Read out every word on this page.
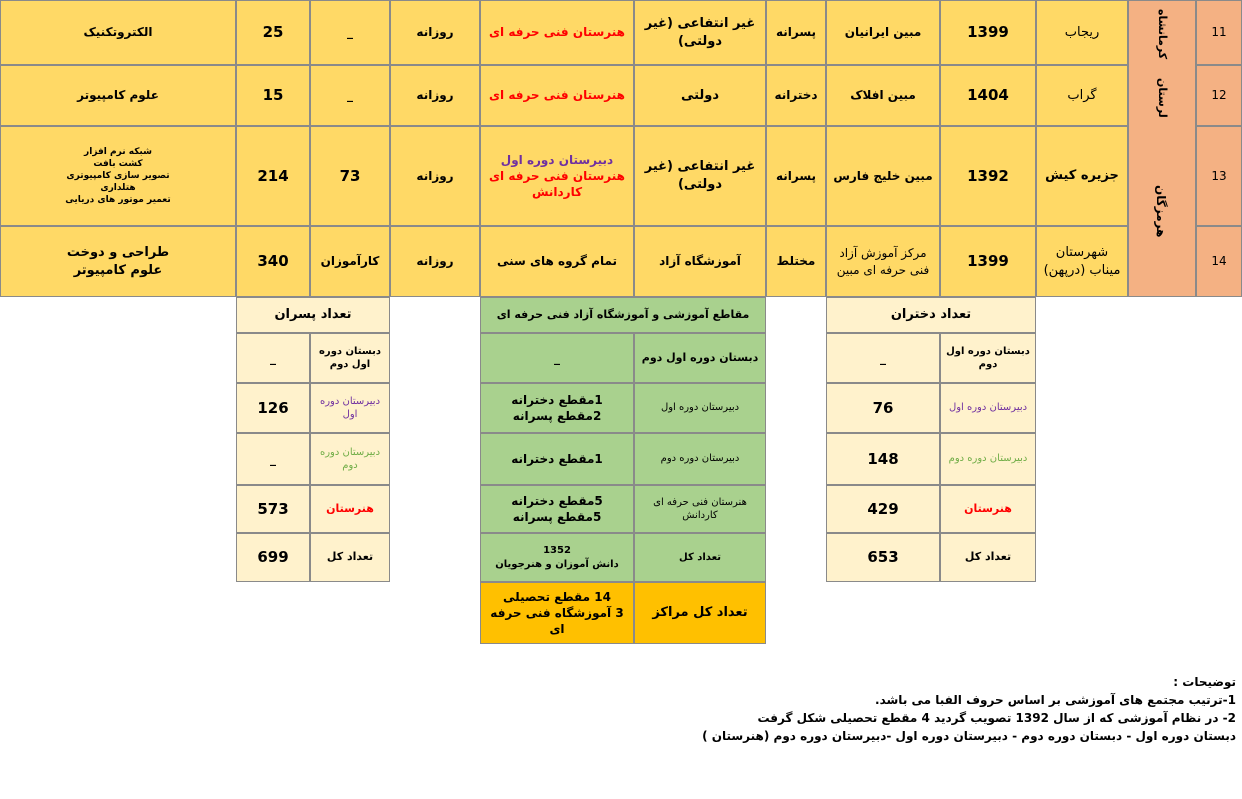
11
ریجاب
1399
مبین ایرانیان
پسرانه
غیر انتفاعی (غیر دولتی)
هنرستان فنی حرفه ای
روزانه
_
25
الکتروتکنیک
12
گراب
1404
مبین افلاک
دخترانه
دولتی
هنرستان فنی حرفه ای
روزانه
_
15
علوم کامپیوتر
13
جزیره کیش
1392
مبین خلیج فارس
پسرانه
غیر انتفاعی (غیر دولتی)
دبیرستان دوره اول
هنرستان فنی حرفه ای
کاردانش
روزانه
73
214
شبکه نرم افزار
کشت بافت
تصویر سازی کامپیوتری
هتلداری
تعمیر موتور های دریایی
14
شهرستان میناب (درپهن)
1399
مرکز آموزش آزاد فنی حرفه ای مبین
مختلط
آموزشگاه آزاد
تمام گروه های سنی
روزانه
کارآموزان
340
طراحی و دوخت
علوم کامپیوتر
کرمانشاه
لرستان
هرمزگان
تعداد پسران
دبستان دوره اول دوم
_
دبیرستان دوره اول
126
دبیرستان دوره دوم
_
هنرستان
573
تعداد کل
699
مقاطع آموزشی و آموزشگاه آزاد فنی حرفه ای
دبستان دوره اول دوم
_
دبیرستان دوره اول
1مقطع دخترانه
2مقطع پسرانه
دبیرستان دوره دوم
1مقطع دخترانه
هنرستان فنی حرفه ای کاردانش
5مقطع دخترانه
5مقطع پسرانه
تعداد کل
1352
دانش آموزان و هنرجویان
تعداد کل مراکز
14 مقطع تحصیلی
3 آموزشگاه فنی حرفه ای
تعداد دختران
دبستان دوره اول دوم
_
دبیرستان دوره اول
76
دبیرستان دوره دوم
148
هنرستان
429
تعداد کل
653
توضیحات :
1-ترتیب مجتمع های آموزشی بر اساس حروف الفبا می باشد.
2- در نظام آموزشی که از سال 1392 تصویب گردید 4 مقطع تحصیلی شکل گرفت
دبستان دوره اول - دبستان دوره دوم - دبیرستان دوره اول -دبیرستان دوره دوم (هنرستان )
